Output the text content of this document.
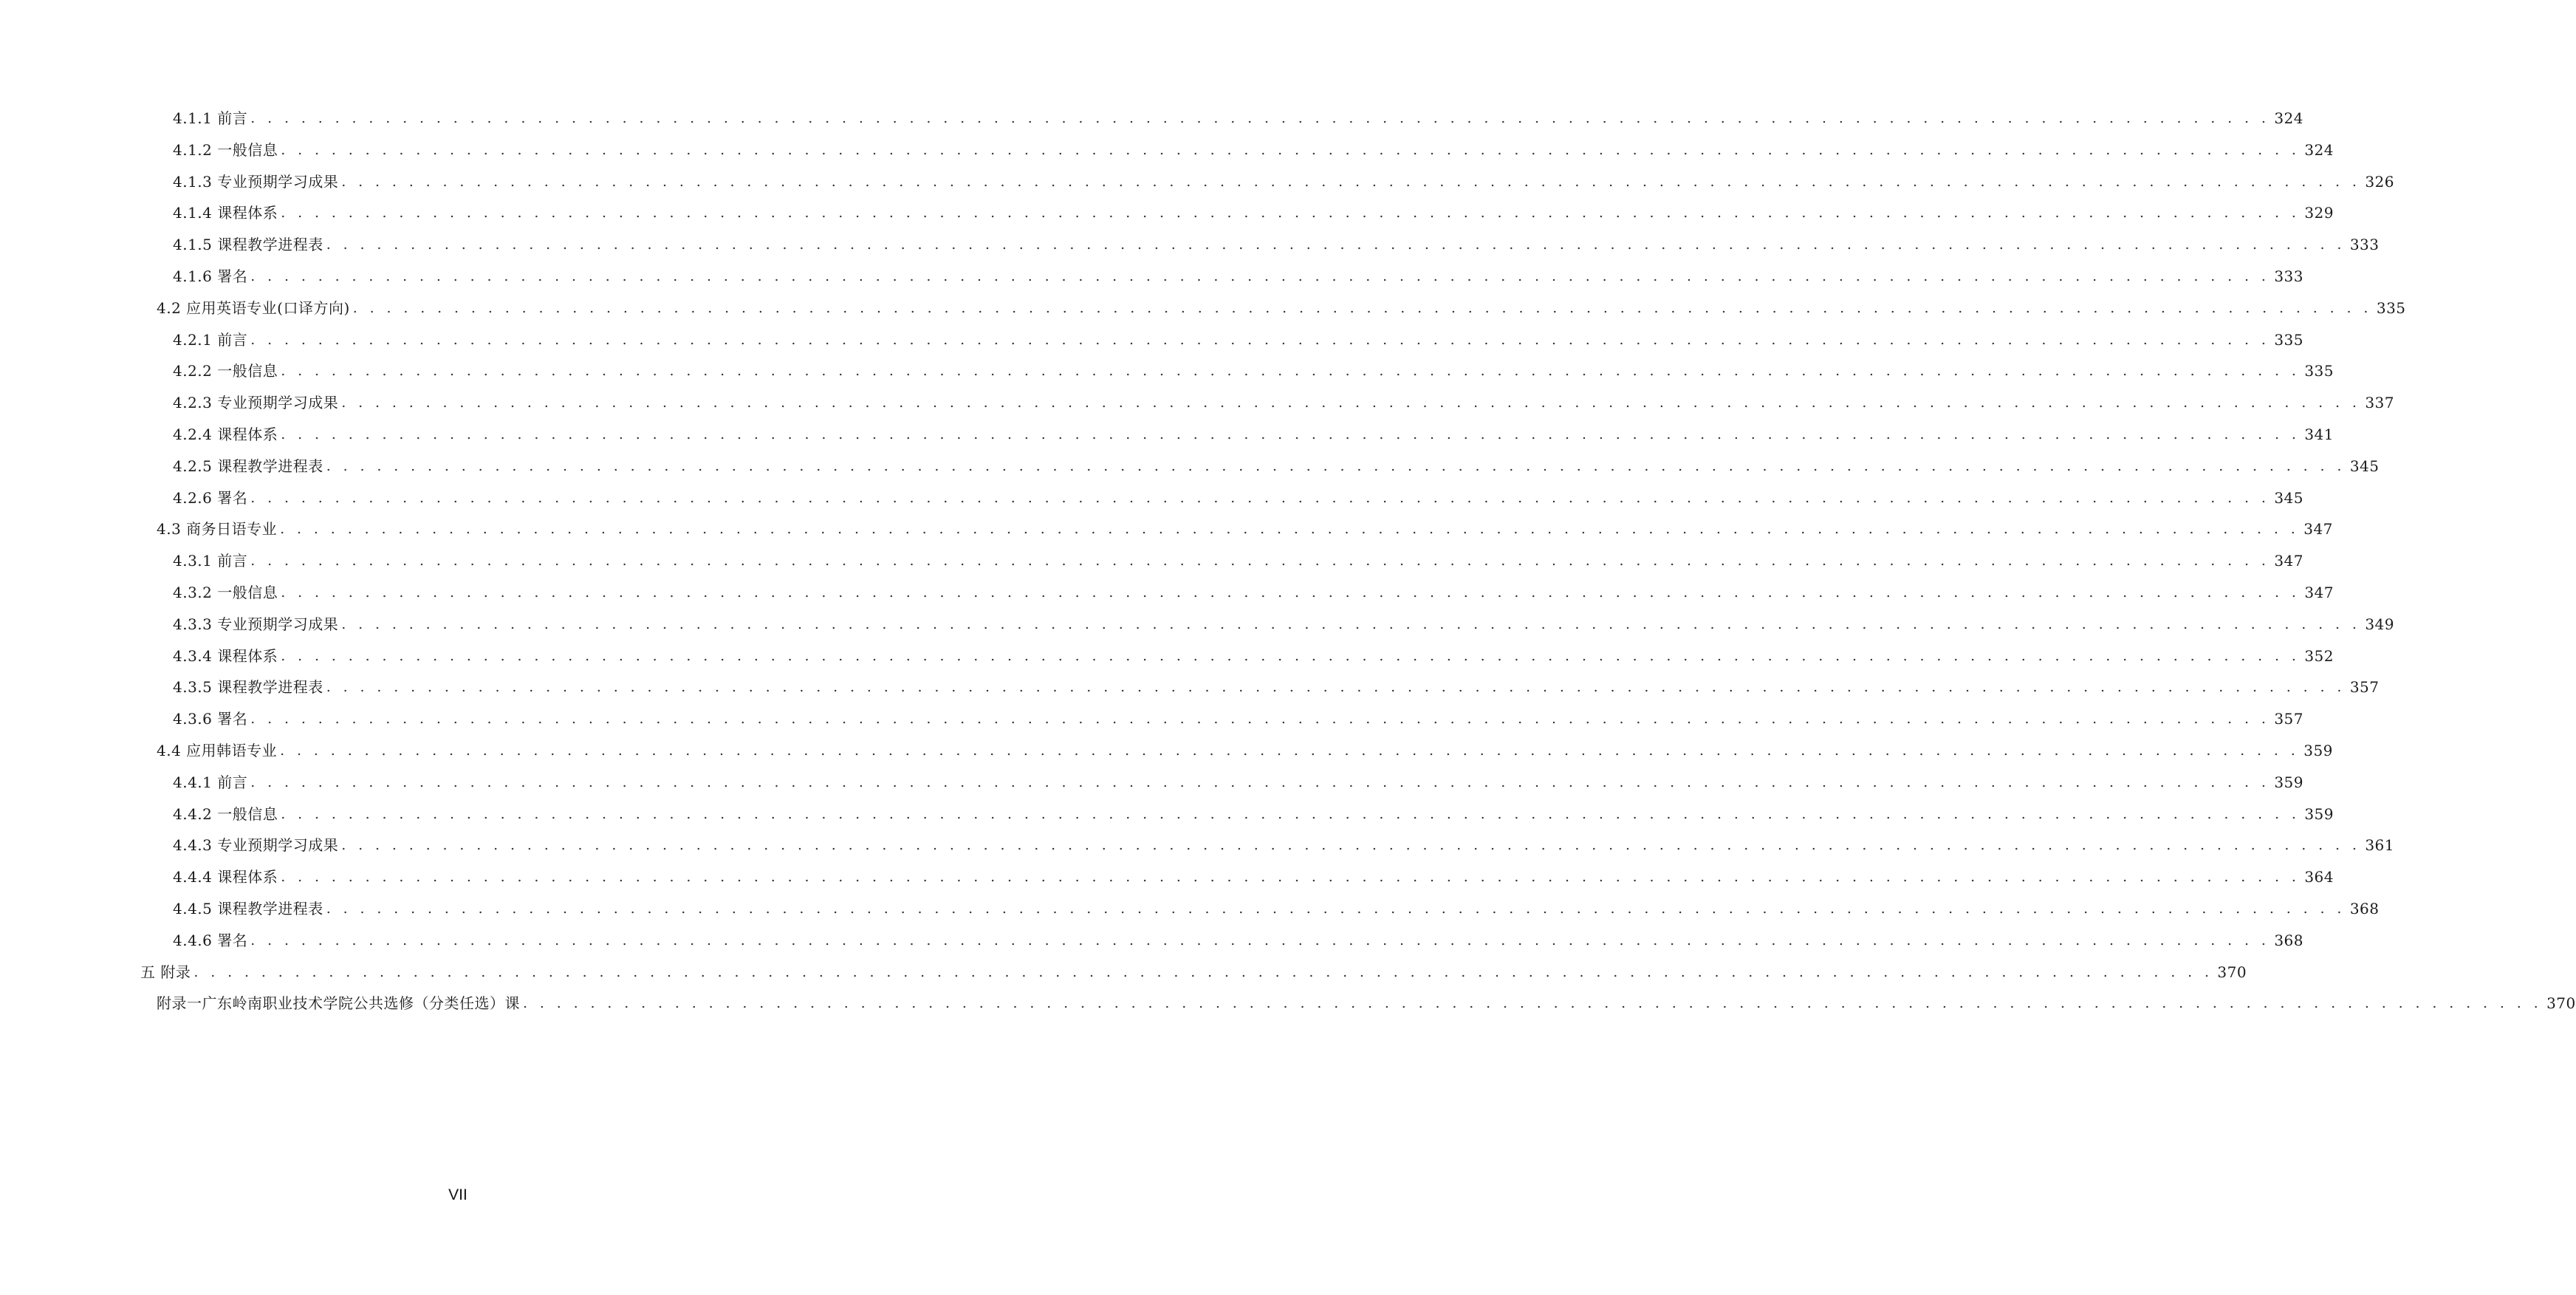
4.1.1 前言 . . . . . . . . . . . . . . . . . . . . . . . . . . . . . . . . . . . . . . . . . . . . . . . . . . . . . . . . . . . . . . . . . . . . . . . . . . . . . . . . . . . . . . . . . . . . . . . . . . . . . . . . . . . . . . . . . . . . . . . . 324
4.1.2 一般信息 . . . . . . . . . . . . . . . . . . . . . . . . . . . . . . . . . . . . . . . . . . . . . . . . . . . . . . . . . . . . . . . . . . . . . . . . . . . . . . . . . . . . . . . . . . . . . . . . . . . . . . . . . . . . . . . . . . . . . . . . 324
4.1.3 专业预期学习成果 . . . . . . . . . . . . . . . . . . . . . . . . . . . . . . . . . . . . . . . . . . . . . . . . . . . . . . . . . . . . . . . . . . . . . . . . . . . . . . . . . . . . . . . . . . . . . . . . . . . . . . . . . . . . . . . . . . . . . . . . 326
4.1.4 课程体系 . . . . . . . . . . . . . . . . . . . . . . . . . . . . . . . . . . . . . . . . . . . . . . . . . . . . . . . . . . . . . . . . . . . . . . . . . . . . . . . . . . . . . . . . . . . . . . . . . . . . . . . . . . . . . . . . . . . . . . . . 329
4.1.5 课程教学进程表 . . . . . . . . . . . . . . . . . . . . . . . . . . . . . . . . . . . . . . . . . . . . . . . . . . . . . . . . . . . . . . . . . . . . . . . . . . . . . . . . . . . . . . . . . . . . . . . . . . . . . . . . . . . . . . . . . . . . . . . . 333
4.1.6 署名 . . . . . . . . . . . . . . . . . . . . . . . . . . . . . . . . . . . . . . . . . . . . . . . . . . . . . . . . . . . . . . . . . . . . . . . . . . . . . . . . . . . . . . . . . . . . . . . . . . . . . . . . . . . . . . . . . . . . . . . . 333
4.2 应用英语专业(口译方向) . . . . . . . . . . . . . . . . . . . . . . . . . . . . . . . . . . . . . . . . . . . . . . . . . . . . . . . . . . . . . . . . . . . . . . . . . . . . . . . . . . . . . . . . . . . . . . . . . . . . . . . . . . . . . . . . . . . . . . . . 335
4.2.1 前言 . . . . . . . . . . . . . . . . . . . . . . . . . . . . . . . . . . . . . . . . . . . . . . . . . . . . . . . . . . . . . . . . . . . . . . . . . . . . . . . . . . . . . . . . . . . . . . . . . . . . . . . . . . . . . . . . . . . . . . . . 335
4.2.2 一般信息 . . . . . . . . . . . . . . . . . . . . . . . . . . . . . . . . . . . . . . . . . . . . . . . . . . . . . . . . . . . . . . . . . . . . . . . . . . . . . . . . . . . . . . . . . . . . . . . . . . . . . . . . . . . . . . . . . . . . . . . . 335
4.2.3 专业预期学习成果 . . . . . . . . . . . . . . . . . . . . . . . . . . . . . . . . . . . . . . . . . . . . . . . . . . . . . . . . . . . . . . . . . . . . . . . . . . . . . . . . . . . . . . . . . . . . . . . . . . . . . . . . . . . . . . . . . . . . . . . . 337
4.2.4 课程体系 . . . . . . . . . . . . . . . . . . . . . . . . . . . . . . . . . . . . . . . . . . . . . . . . . . . . . . . . . . . . . . . . . . . . . . . . . . . . . . . . . . . . . . . . . . . . . . . . . . . . . . . . . . . . . . . . . . . . . . . . 341
4.2.5 课程教学进程表 . . . . . . . . . . . . . . . . . . . . . . . . . . . . . . . . . . . . . . . . . . . . . . . . . . . . . . . . . . . . . . . . . . . . . . . . . . . . . . . . . . . . . . . . . . . . . . . . . . . . . . . . . . . . . . . . . . . . . . . . 345
4.2.6 署名 . . . . . . . . . . . . . . . . . . . . . . . . . . . . . . . . . . . . . . . . . . . . . . . . . . . . . . . . . . . . . . . . . . . . . . . . . . . . . . . . . . . . . . . . . . . . . . . . . . . . . . . . . . . . . . . . . . . . . . . . 345
4.3 商务日语专业 . . . . . . . . . . . . . . . . . . . . . . . . . . . . . . . . . . . . . . . . . . . . . . . . . . . . . . . . . . . . . . . . . . . . . . . . . . . . . . . . . . . . . . . . . . . . . . . . . . . . . . . . . . . . . . . . . . . . . . . . 347
4.3.1 前言 . . . . . . . . . . . . . . . . . . . . . . . . . . . . . . . . . . . . . . . . . . . . . . . . . . . . . . . . . . . . . . . . . . . . . . . . . . . . . . . . . . . . . . . . . . . . . . . . . . . . . . . . . . . . . . . . . . . . . . . . 347
4.3.2 一般信息 . . . . . . . . . . . . . . . . . . . . . . . . . . . . . . . . . . . . . . . . . . . . . . . . . . . . . . . . . . . . . . . . . . . . . . . . . . . . . . . . . . . . . . . . . . . . . . . . . . . . . . . . . . . . . . . . . . . . . . . . 347
4.3.3 专业预期学习成果 . . . . . . . . . . . . . . . . . . . . . . . . . . . . . . . . . . . . . . . . . . . . . . . . . . . . . . . . . . . . . . . . . . . . . . . . . . . . . . . . . . . . . . . . . . . . . . . . . . . . . . . . . . . . . . . . . . . . . . . . 349
4.3.4 课程体系 . . . . . . . . . . . . . . . . . . . . . . . . . . . . . . . . . . . . . . . . . . . . . . . . . . . . . . . . . . . . . . . . . . . . . . . . . . . . . . . . . . . . . . . . . . . . . . . . . . . . . . . . . . . . . . . . . . . . . . . . 352
4.3.5 课程教学进程表 . . . . . . . . . . . . . . . . . . . . . . . . . . . . . . . . . . . . . . . . . . . . . . . . . . . . . . . . . . . . . . . . . . . . . . . . . . . . . . . . . . . . . . . . . . . . . . . . . . . . . . . . . . . . . . . . . . . . . . . . 357
4.3.6 署名 . . . . . . . . . . . . . . . . . . . . . . . . . . . . . . . . . . . . . . . . . . . . . . . . . . . . . . . . . . . . . . . . . . . . . . . . . . . . . . . . . . . . . . . . . . . . . . . . . . . . . . . . . . . . . . . . . . . . . . . . 357
4.4 应用韩语专业 . . . . . . . . . . . . . . . . . . . . . . . . . . . . . . . . . . . . . . . . . . . . . . . . . . . . . . . . . . . . . . . . . . . . . . . . . . . . . . . . . . . . . . . . . . . . . . . . . . . . . . . . . . . . . . . . . . . . . . . . 359
4.4.1 前言 . . . . . . . . . . . . . . . . . . . . . . . . . . . . . . . . . . . . . . . . . . . . . . . . . . . . . . . . . . . . . . . . . . . . . . . . . . . . . . . . . . . . . . . . . . . . . . . . . . . . . . . . . . . . . . . . . . . . . . . . 359
4.4.2 一般信息 . . . . . . . . . . . . . . . . . . . . . . . . . . . . . . . . . . . . . . . . . . . . . . . . . . . . . . . . . . . . . . . . . . . . . . . . . . . . . . . . . . . . . . . . . . . . . . . . . . . . . . . . . . . . . . . . . . . . . . . . 359
4.4.3 专业预期学习成果 . . . . . . . . . . . . . . . . . . . . . . . . . . . . . . . . . . . . . . . . . . . . . . . . . . . . . . . . . . . . . . . . . . . . . . . . . . . . . . . . . . . . . . . . . . . . . . . . . . . . . . . . . . . . . . . . . . . . . . . . 361
4.4.4 课程体系 . . . . . . . . . . . . . . . . . . . . . . . . . . . . . . . . . . . . . . . . . . . . . . . . . . . . . . . . . . . . . . . . . . . . . . . . . . . . . . . . . . . . . . . . . . . . . . . . . . . . . . . . . . . . . . . . . . . . . . . . 364
4.4.5 课程教学进程表 . . . . . . . . . . . . . . . . . . . . . . . . . . . . . . . . . . . . . . . . . . . . . . . . . . . . . . . . . . . . . . . . . . . . . . . . . . . . . . . . . . . . . . . . . . . . . . . . . . . . . . . . . . . . . . . . . . . . . . . . 368
4.4.6 署名 . . . . . . . . . . . . . . . . . . . . . . . . . . . . . . . . . . . . . . . . . . . . . . . . . . . . . . . . . . . . . . . . . . . . . . . . . . . . . . . . . . . . . . . . . . . . . . . . . . . . . . . . . . . . . . . . . . . . . . . . 368
五 附录 . . . . . . . . . . . . . . . . . . . . . . . . . . . . . . . . . . . . . . . . . . . . . . . . . . . . . . . . . . . . . . . . . . . . . . . . . . . . . . . . . . . . . . . . . . . . . . . . . . . . . . . . . . . . . . . . . . . . . . . . 370
附录一广东岭南职业技术学院公共选修（分类任选）课 . . . . . . . . . . . . . . . . . . . . . . . . . . . . . . . . . . . . . . . . . . . . . . . . . . . . . . . . . . . . . . . . . . . . . . . . . . . . . . . . . . . . . . . . . . . . . . . . . . . . . . . . . . . . . . . . . . . . . . . . 370
VII
